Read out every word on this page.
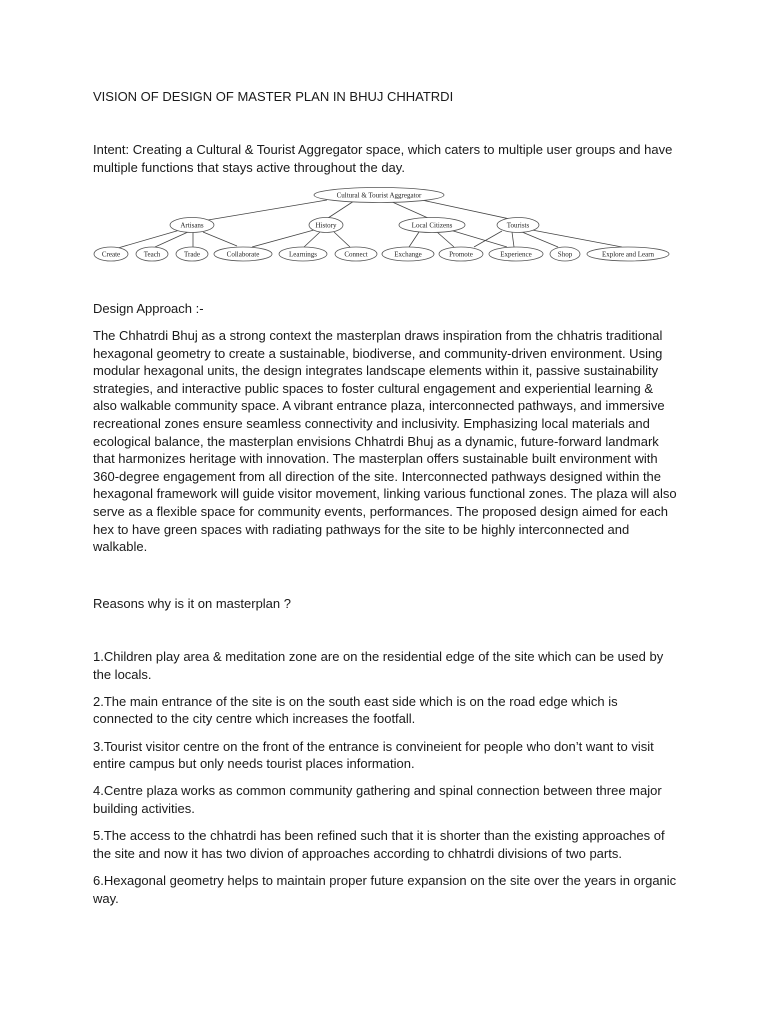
VISION OF DESIGN OF MASTER PLAN IN BHUJ CHHATRDI

Intent: Creating a Cultural & Tourist Aggregator space, which caters to multiple user groups and have multiple functions that stays active throughout the day.

Cultural & Tourist Aggregator
Artisans	History	Local Citizens	Tourists
Create	Teach	Trade	Collaborate	Learnings	Connect	Exchange	Promote	Experience	Shop	Explore and Learn

Design Approach :-

The Chhatrdi Bhuj as a strong context the masterplan draws inspiration from the chhatris traditional hexagonal geometry to create a sustainable, biodiverse, and community-driven environment. Using modular hexagonal units, the design integrates landscape elements within it, passive sustainability strategies, and interactive public spaces to foster cultural engagement and experiential learning & also walkable community space. A vibrant entrance plaza, interconnected pathways, and immersive recreational zones ensure seamless connectivity and inclusivity. Emphasizing local materials and ecological balance, the masterplan envisions Chhatrdi Bhuj as a dynamic, future-forward landmark that harmonizes heritage with innovation. The masterplan offers sustainable built environment with 360-degree engagement from all direction of the site. Interconnected pathways designed within the hexagonal framework will guide visitor movement, linking various functional zones. The plaza will also serve as a flexible space for community events, performances. The proposed design aimed for each hex to have green spaces with radiating pathways for the site to be highly interconnected and walkable.

Reasons why is it on masterplan ?

1.Children play area & meditation zone are on the residential edge of the site which can be used by the locals.
2.The main entrance of the site is on the south east side which is on the road edge which is connected to the city centre which increases the footfall.
3.Tourist visitor centre on the front of the entrance is convineient for people who don’t want to visit entire campus but only needs tourist places information.
4.Centre plaza works as common community gathering and spinal connection between three major building activities.
5.The access to the chhatrdi has been refined such that it is shorter than the existing approaches of the site and now it has two divion of approaches according to chhatrdi divisions of two parts.
6.Hexagonal geometry helps to maintain proper future expansion on the site over the years in organic way.
